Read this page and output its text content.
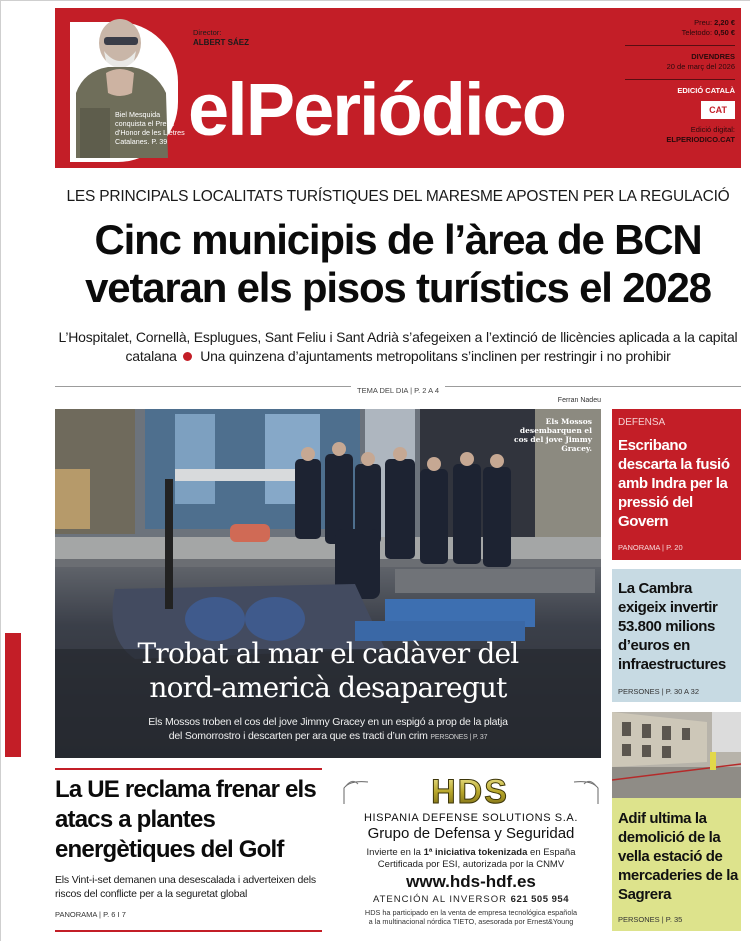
Biel Mesquida conquista el Premi d'Honor de les Lletres Catalanes. P. 39
Director:
ALBERT SÁEZ
elPeriódico
Preu: 2,20 €
Teletodo: 0,50 €
DIVENDRES
20 de març del 2026
EDICIÓ CATALÀ
CAT
Edició digital:
ELPERIODICO.CAT
LES PRINCIPALS LOCALITATS TURÍSTIQUES DEL MARESME APOSTEN PER LA REGULACIÓ
Cinc municipis de l’àrea de BCN
vetaran els pisos turístics el 2028
L’Hospitalet, Cornellà, Esplugues, Sant Feliu i Sant Adrià s’afegeixen a l’extinció de llicències aplicada a la capital catalana Una quinzena d’ajuntaments metropolitans s’inclinen per restringir i no prohibir
TEMA DEL DIA | P. 2 A 4
Ferran Nadeu
Els Mossos desembarquen el cos del jove Jimmy Gracey.
Trobat al mar el cadàver del
nord-americà desaparegut
Els Mossos troben el cos del jove Jimmy Gracey en un espigó a prop de la platja
del Somorrostro i descarten per ara que es tracti d’un crim PERSONES | P. 37
DEFENSA
Escribano descarta la fusió amb Indra per la pressió del Govern
PANORAMA | P. 20
La Cambra exigeix invertir 53.800 milions d’euros en infraestructures
PERSONES | P. 30 A 32
Adif ultima la demolició de la vella estació de mercaderies de la Sagrera
PERSONES | P. 35
La UE reclama frenar els atacs a plantes energètiques del Golf
Els Vint-i-set demanen una desescalada i adverteixen dels riscos del conflicte per a la seguretat global
PANORAMA | P. 6 I 7
HDS
HISPANIA DEFENSE SOLUTIONS S.A.
Grupo de Defensa y Seguridad
Invierte en la 1ª iniciativa tokenizada en España
Certificada por ESI, autorizada por la CNMV
www.hds-hdf.es
ATENCIÓN AL INVERSOR 621 505 954
HDS ha participado en la venta de empresa tecnológica española
a la multinacional nórdica TIETO, asesorada por Ernest&Young
